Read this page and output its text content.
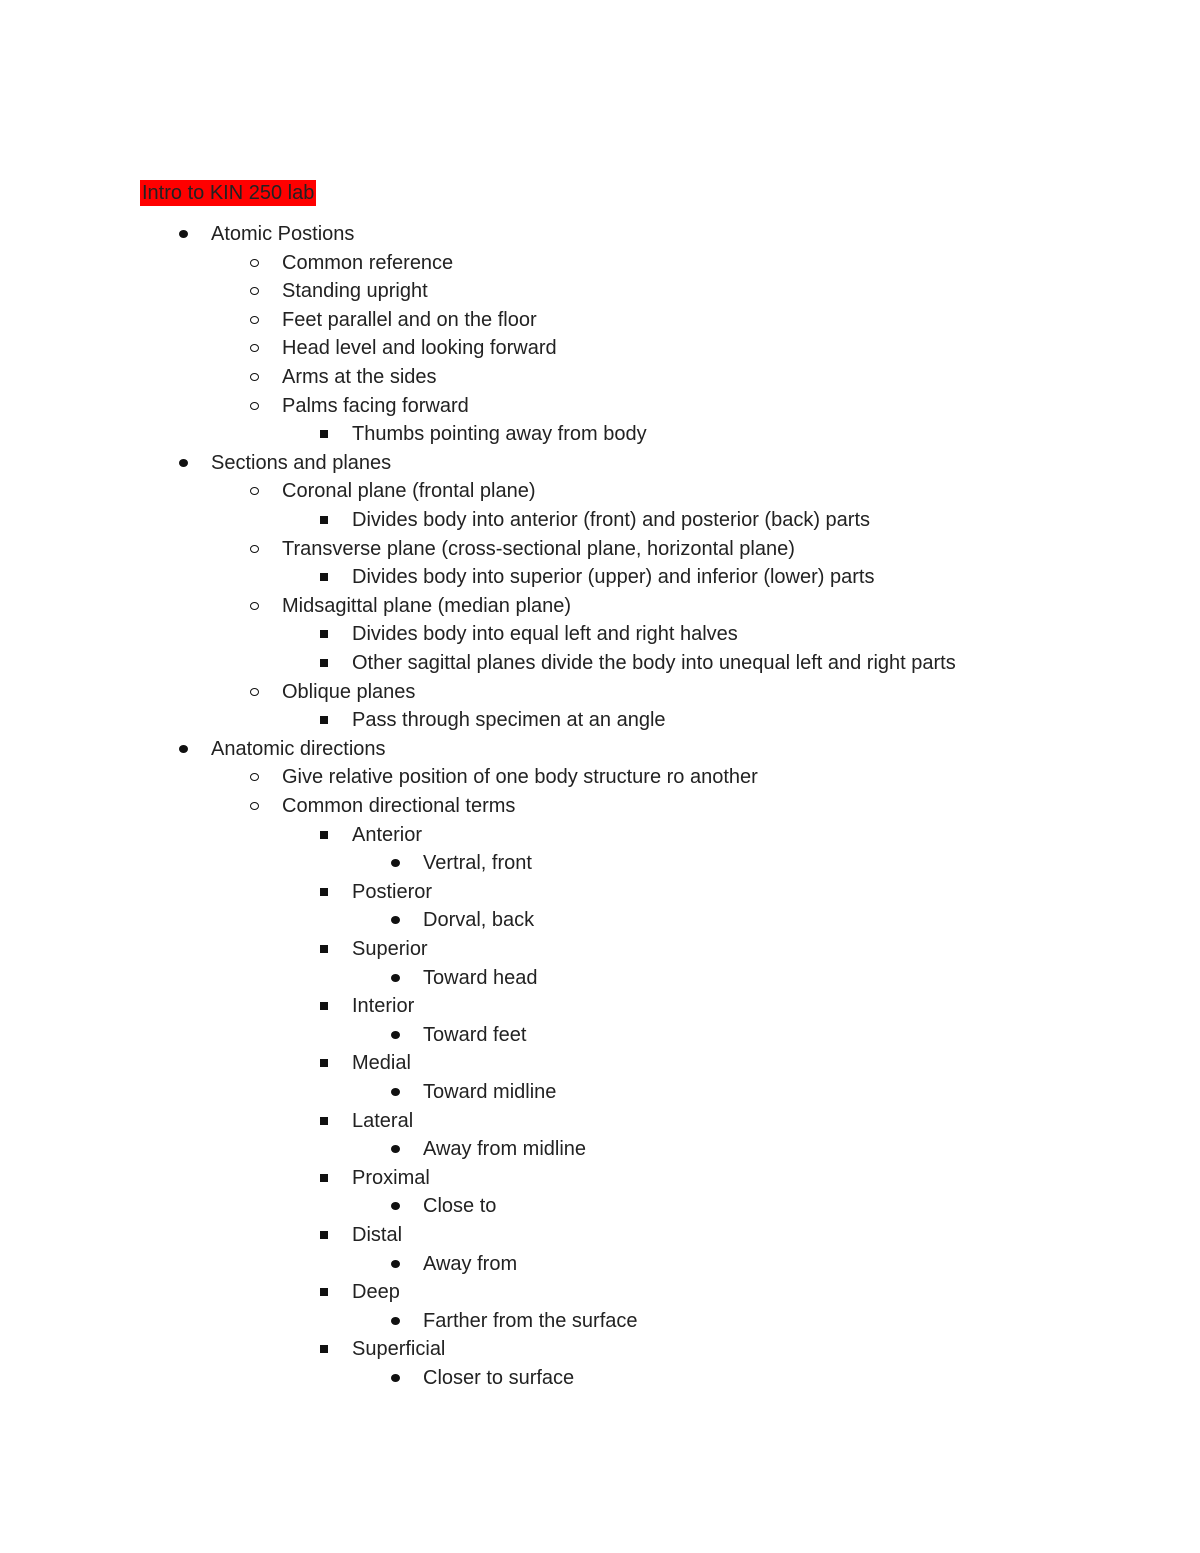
Intro to KIN 250 lab
Atomic Postions
Common reference
Standing upright
Feet parallel and on the floor
Head level and looking forward
Arms at the sides
Palms facing forward
Thumbs pointing away from body
Sections and planes
Coronal plane (frontal plane)
Divides body into anterior (front) and posterior (back) parts
Transverse plane (cross-sectional plane, horizontal plane)
Divides body into superior (upper) and inferior (lower) parts
Midsagittal plane (median plane)
Divides body into equal left and right halves
Other sagittal planes divide the body into unequal left and right parts
Oblique planes
Pass through specimen at an angle
Anatomic directions
Give relative position of one body structure ro another
Common directional terms
Anterior
Vertral, front
Postieror
Dorval, back
Superior
Toward head
Interior
Toward feet
Medial
Toward midline
Lateral
Away from midline
Proximal
Close to
Distal
Away from
Deep
Farther from the surface
Superficial
Closer to surface
